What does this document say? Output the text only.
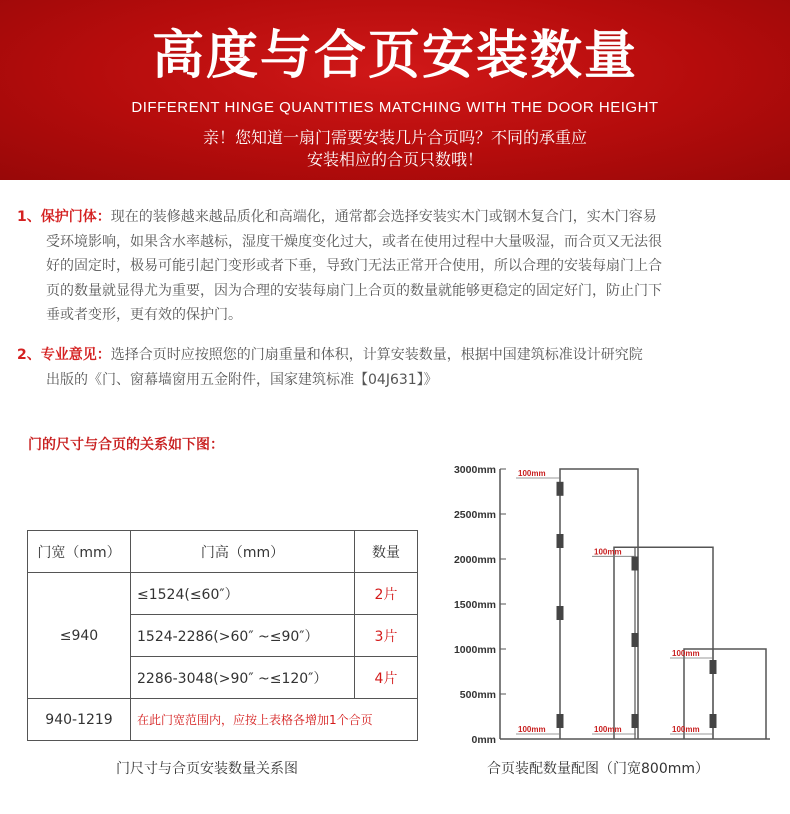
高度与合页安装数量
DIFFERENT HINGE QUANTITIES MATCHING WITH THE DOOR HEIGHT
亲！您知道一扇门需要安装几片合页吗？不同的承重应
安装相应的合页只数哦！
1、保护门体：现在的装修越来越品质化和高端化，通常都会选择安装实木门或钢木复合门，实木门容易
受环境影响，如果含水率越标，湿度干燥度变化过大，或者在使用过程中大量吸湿，而合页又无法很
好的固定时，极易可能引起门变形或者下垂，导致门无法正常开合使用，所以合理的安装每扇门上合
页的数量就显得尤为重要，因为合理的安装每扇门上合页的数量就能够更稳定的固定好门，防止门下
垂或者变形，更有效的保护门。
2、专业意见：选择合页时应按照您的门扇重量和体积，计算安装数量，根据中国建筑标准设计研究院
出版的《门、窗幕墙窗用五金附件，国家建筑标准【04J631】》
门的尺寸与合页的关系如下图：
门宽（mm）	门高（mm）	数量
≤940	≤1524(≤60″）	2片
	1524-2286(>60″ ~≤90″）	3片
	2286-3048(>90″ ~≤120″）	4片
940-1219	在此门宽范围内，应按上表格各增加1个合页	
门尺寸与合页安装数量关系图
3000mm
2500mm
2000mm
1500mm
1000mm
500mm
0mm
100mm
100mm
100mm
100mm
100mm
100mm
合页装配数量配图（门宽800mm）
